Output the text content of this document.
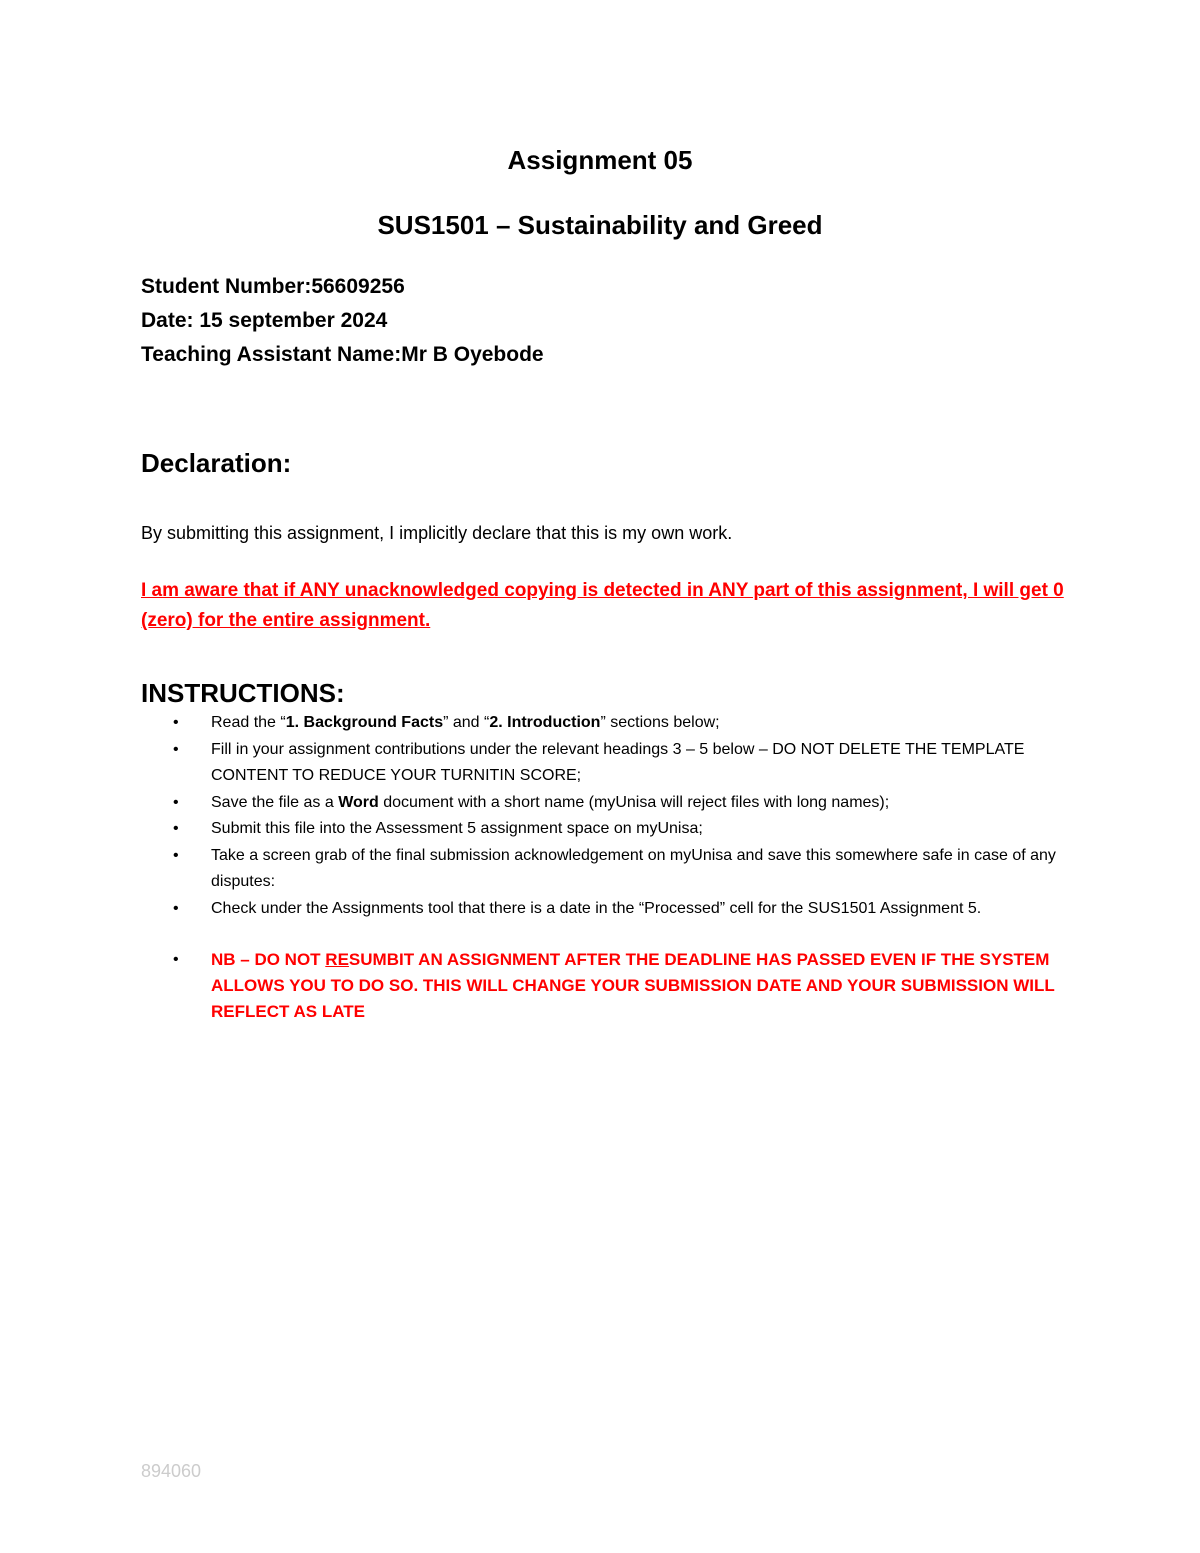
Assignment 05
SUS1501 – Sustainability and Greed
Student Number:56609256
Date: 15 september 2024
Teaching Assistant Name:Mr B Oyebode
Declaration:
By submitting this assignment, I implicitly declare that this is my own work.
I am aware that if ANY unacknowledged copying is detected in ANY part of this assignment, I will get 0 (zero) for the entire assignment.
INSTRUCTIONS:
• Read the “1. Background Facts” and “2. Introduction” sections below;
• Fill in your assignment contributions under the relevant headings 3 – 5 below – DO NOT DELETE THE TEMPLATE CONTENT TO REDUCE YOUR TURNITIN SCORE;
• Save the file as a Word document with a short name (myUnisa will reject files with long names);
• Submit this file into the Assessment 5 assignment space on myUnisa;
• Take a screen grab of the final submission acknowledgement on myUnisa and save this somewhere safe in case of any disputes:
• Check under the Assignments tool that there is a date in the “Processed” cell for the SUS1501 Assignment 5.
• NB – DO NOT RESUMBIT AN ASSIGNMENT AFTER THE DEADLINE HAS PASSED EVEN IF THE SYSTEM ALLOWS YOU TO DO SO. THIS WILL CHANGE YOUR SUBMISSION DATE AND YOUR SUBMISSION WILL REFLECT AS LATE
894060
